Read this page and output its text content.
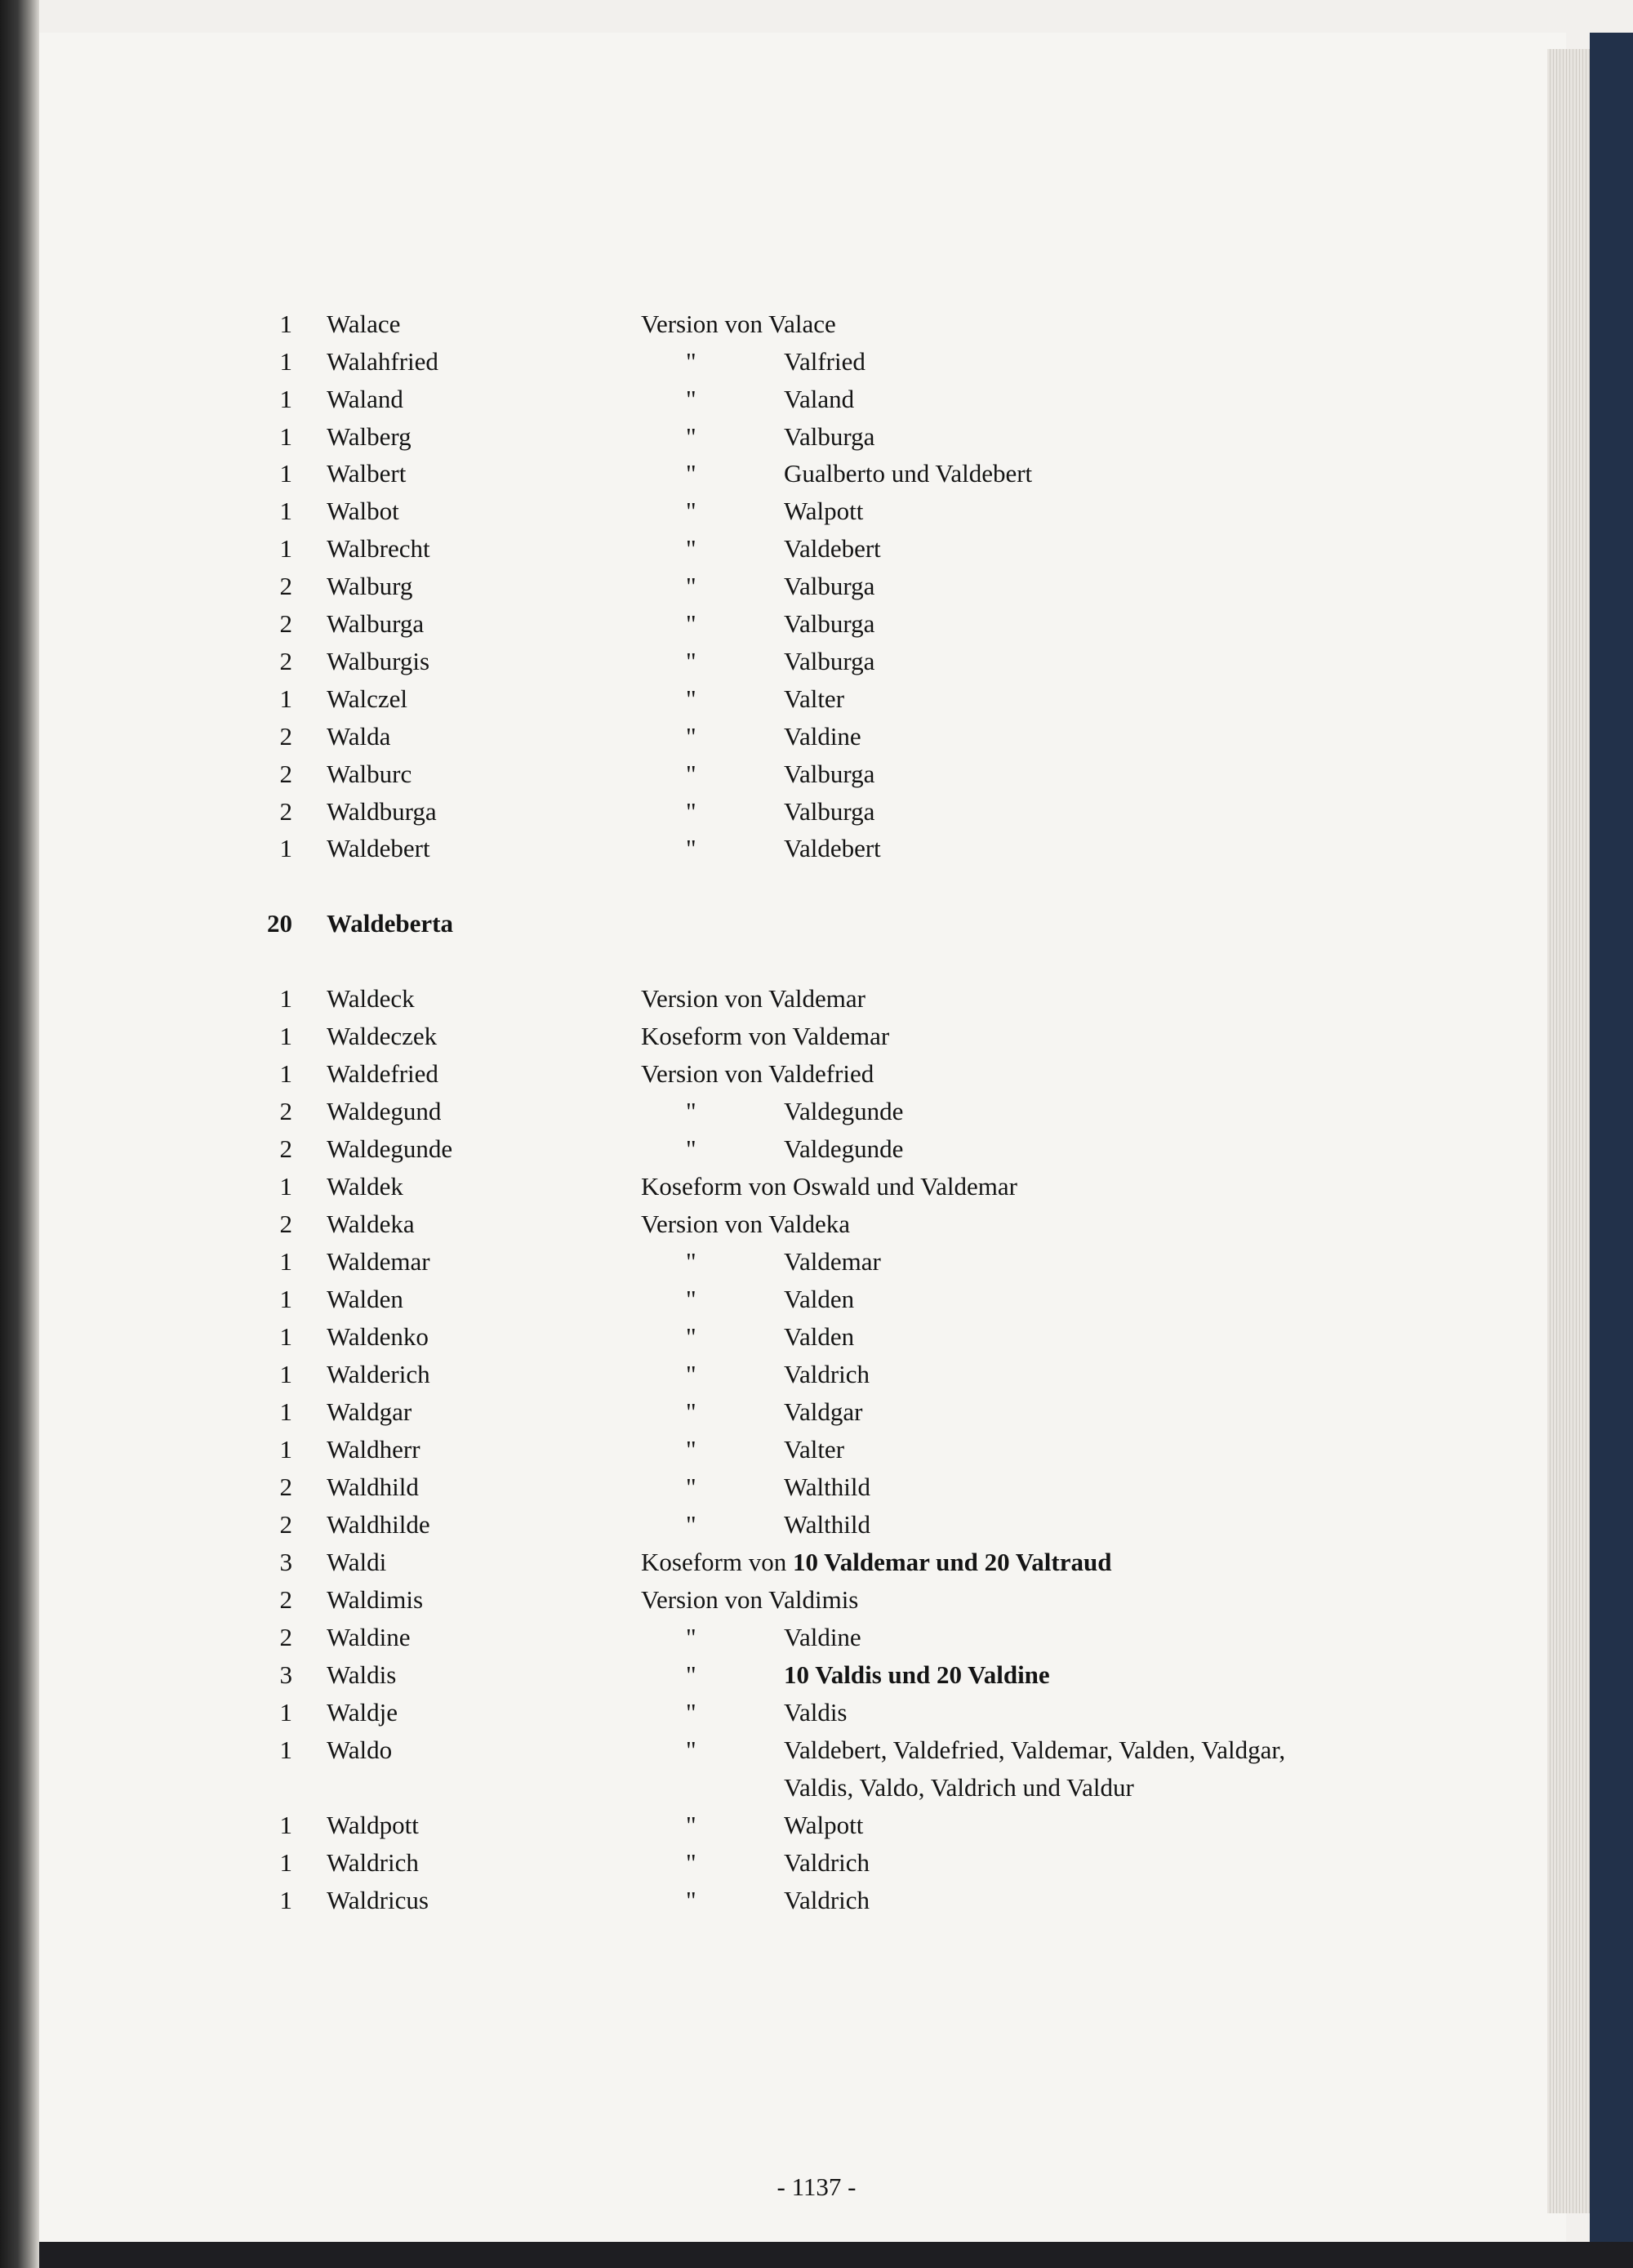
1 Walace	Version von Valace
1 Walahfried	"	Valfried
1 Waland	"	Valand
1 Walberg	"	Valburga
1 Walbert	"	Gualberto und Valdebert
1 Walbot	"	Walpott
1 Walbrecht	"	Valdebert
2 Walburg	"	Valburga
2 Walburga	"	Valburga
2 Walburgis	"	Valburga
1 Walczel	"	Valter
2 Walda	"	Valdine
2 Walburc	"	Valburga
2 Waldburga	"	Valburga
1 Waldebert	"	Valdebert
20 Waldeberta
1 Waldeck	Version von Valdemar
1 Waldeczek	Koseform von Valdemar
1 Waldefried	Version von Valdefried
2 Waldegund	"	Valdegunde
2 Waldegunde	"	Valdegunde
1 Waldek	Koseform von Oswald und Valdemar
2 Waldeka	Version von Valdeka
1 Waldemar	"	Valdemar
1 Walden	"	Valden
1 Waldenko	"	Valden
1 Walderich	"	Valdrich
1 Waldgar	"	Valdgar
1 Waldherr	"	Valter
2 Waldhild	"	Walthild
2 Waldhilde	"	Walthild
3 Waldi	Koseform von 10 Valdemar und 20 Valtraud
2 Waldimis	Version von Valdimis
2 Waldine	"	Valdine
3 Waldis	"	10 Valdis und 20 Valdine
1 Waldje	"	Valdis
1 Waldo	"	Valdebert, Valdefried, Valdemar, Valden, Valdgar,
Valdis, Valdo, Valdrich und Valdur
1 Waldpott	"	Walpott
1 Waldrich	"	Valdrich
1 Waldricus	"	Valdrich
- 1137 -
